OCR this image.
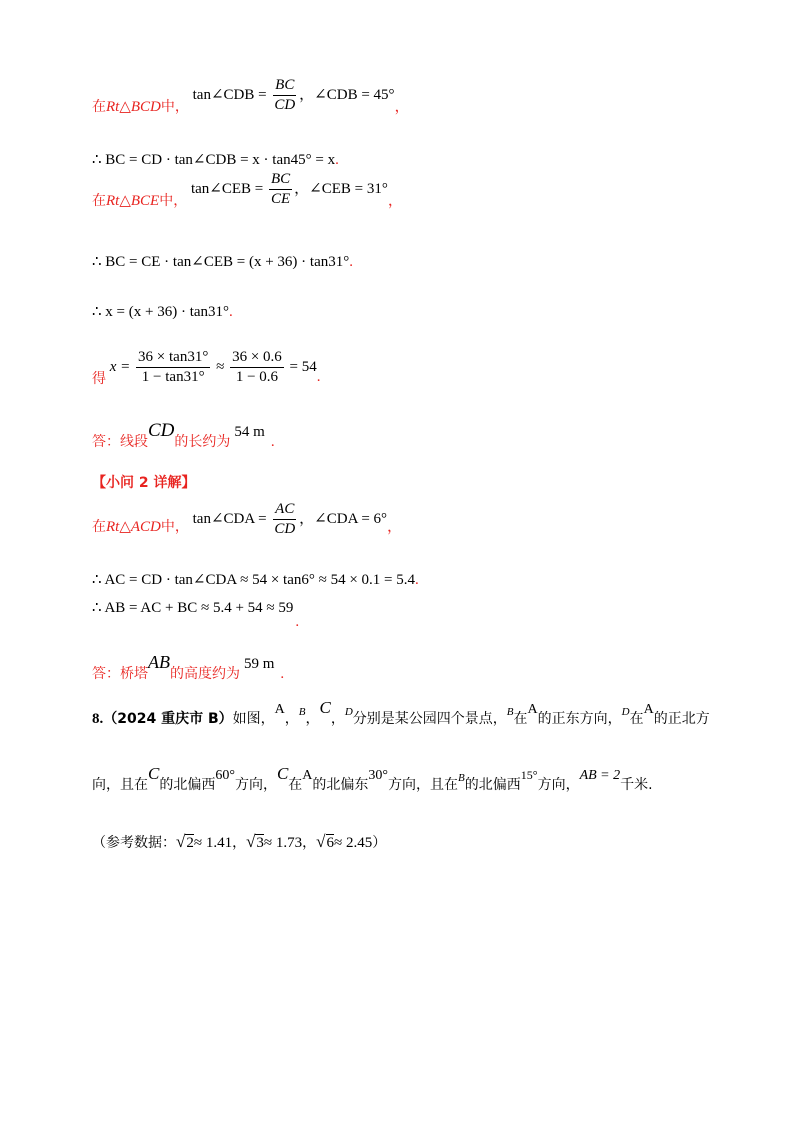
在Rt△BCD中， tan∠CDB = $\frac{BC}{CD}$ ，∠CDB = 45°，
∴ BC = CD · tan∠CDB = x · tan45° = x.
在Rt△BCE中， tan∠CEB = $\frac{BC}{CE}$ ，∠CEB = 31°，
∴ BC = CE · tan∠CEB = (x + 36) · tan31°.
∴ x = (x + 36) · tan31°.
得 $x = \frac{36 \times \tan 31^\circ}{1 - \tan 31^\circ} \approx \frac{36 \times 0.6}{1 - 0.6} = 54$.
答：线段CD的长约为54 m.
【小问 2 详解】
在Rt△ACD中， tan∠CDA = $\frac{AC}{CD}$ ，∠CDA = 6°，
∴ AC = CD · tan∠CDA ≈ 54 × tan6° ≈ 54 × 0.1 = 5.4.
∴ AB = AC + BC ≈ 5.4 + 54 ≈ 59.
答：桥塔AB的高度约为59 m.
8.（2024 重庆市 B）如图，A，$^B$，C，$^D$分别是某公园四个景点，$^B$在A的正东方向，$^D$在A的正北方
向，且在C的北偏西60°方向，C在A的北偏东30°方向，且在$^B$的北偏西$^{15^\circ}$方向，AB = 2千米.
（参考数据：√2≈ 1.41，√3≈ 1.73，√6≈ 2.45）
